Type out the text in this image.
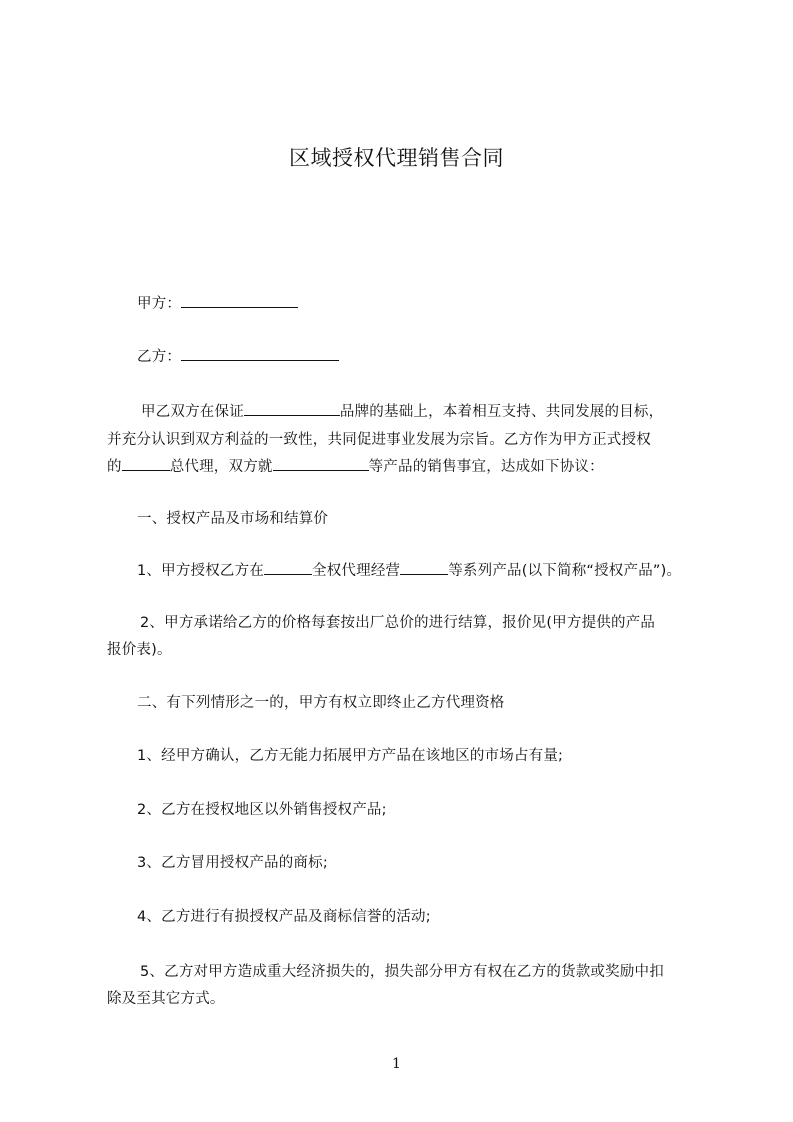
区域授权代理销售合同
甲方：
乙方：
甲乙双方在保证	品牌的基础上，本着相互支持、共同发展的目标，
并充分认识到双方利益的一致性，共同促进事业发展为宗旨。乙方作为甲方正式授权
的	总代理，双方就	等产品的销售事宜，达成如下协议：
一、授权产品及市场和结算价
1、甲方授权乙方在	全权代理经营	等系列产品(以下简称“授权产品”)。
2、甲方承诺给乙方的价格每套按出厂总价的进行结算，报价见(甲方提供的产品
报价表)。
二、有下列情形之一的，甲方有权立即终止乙方代理资格
1、经甲方确认，乙方无能力拓展甲方产品在该地区的市场占有量;
2、乙方在授权地区以外销售授权产品;
3、乙方冒用授权产品的商标;
4、乙方进行有损授权产品及商标信誉的活动;
5、乙方对甲方造成重大经济损失的，损失部分甲方有权在乙方的货款或奖励中扣
除及至其它方式。
1
